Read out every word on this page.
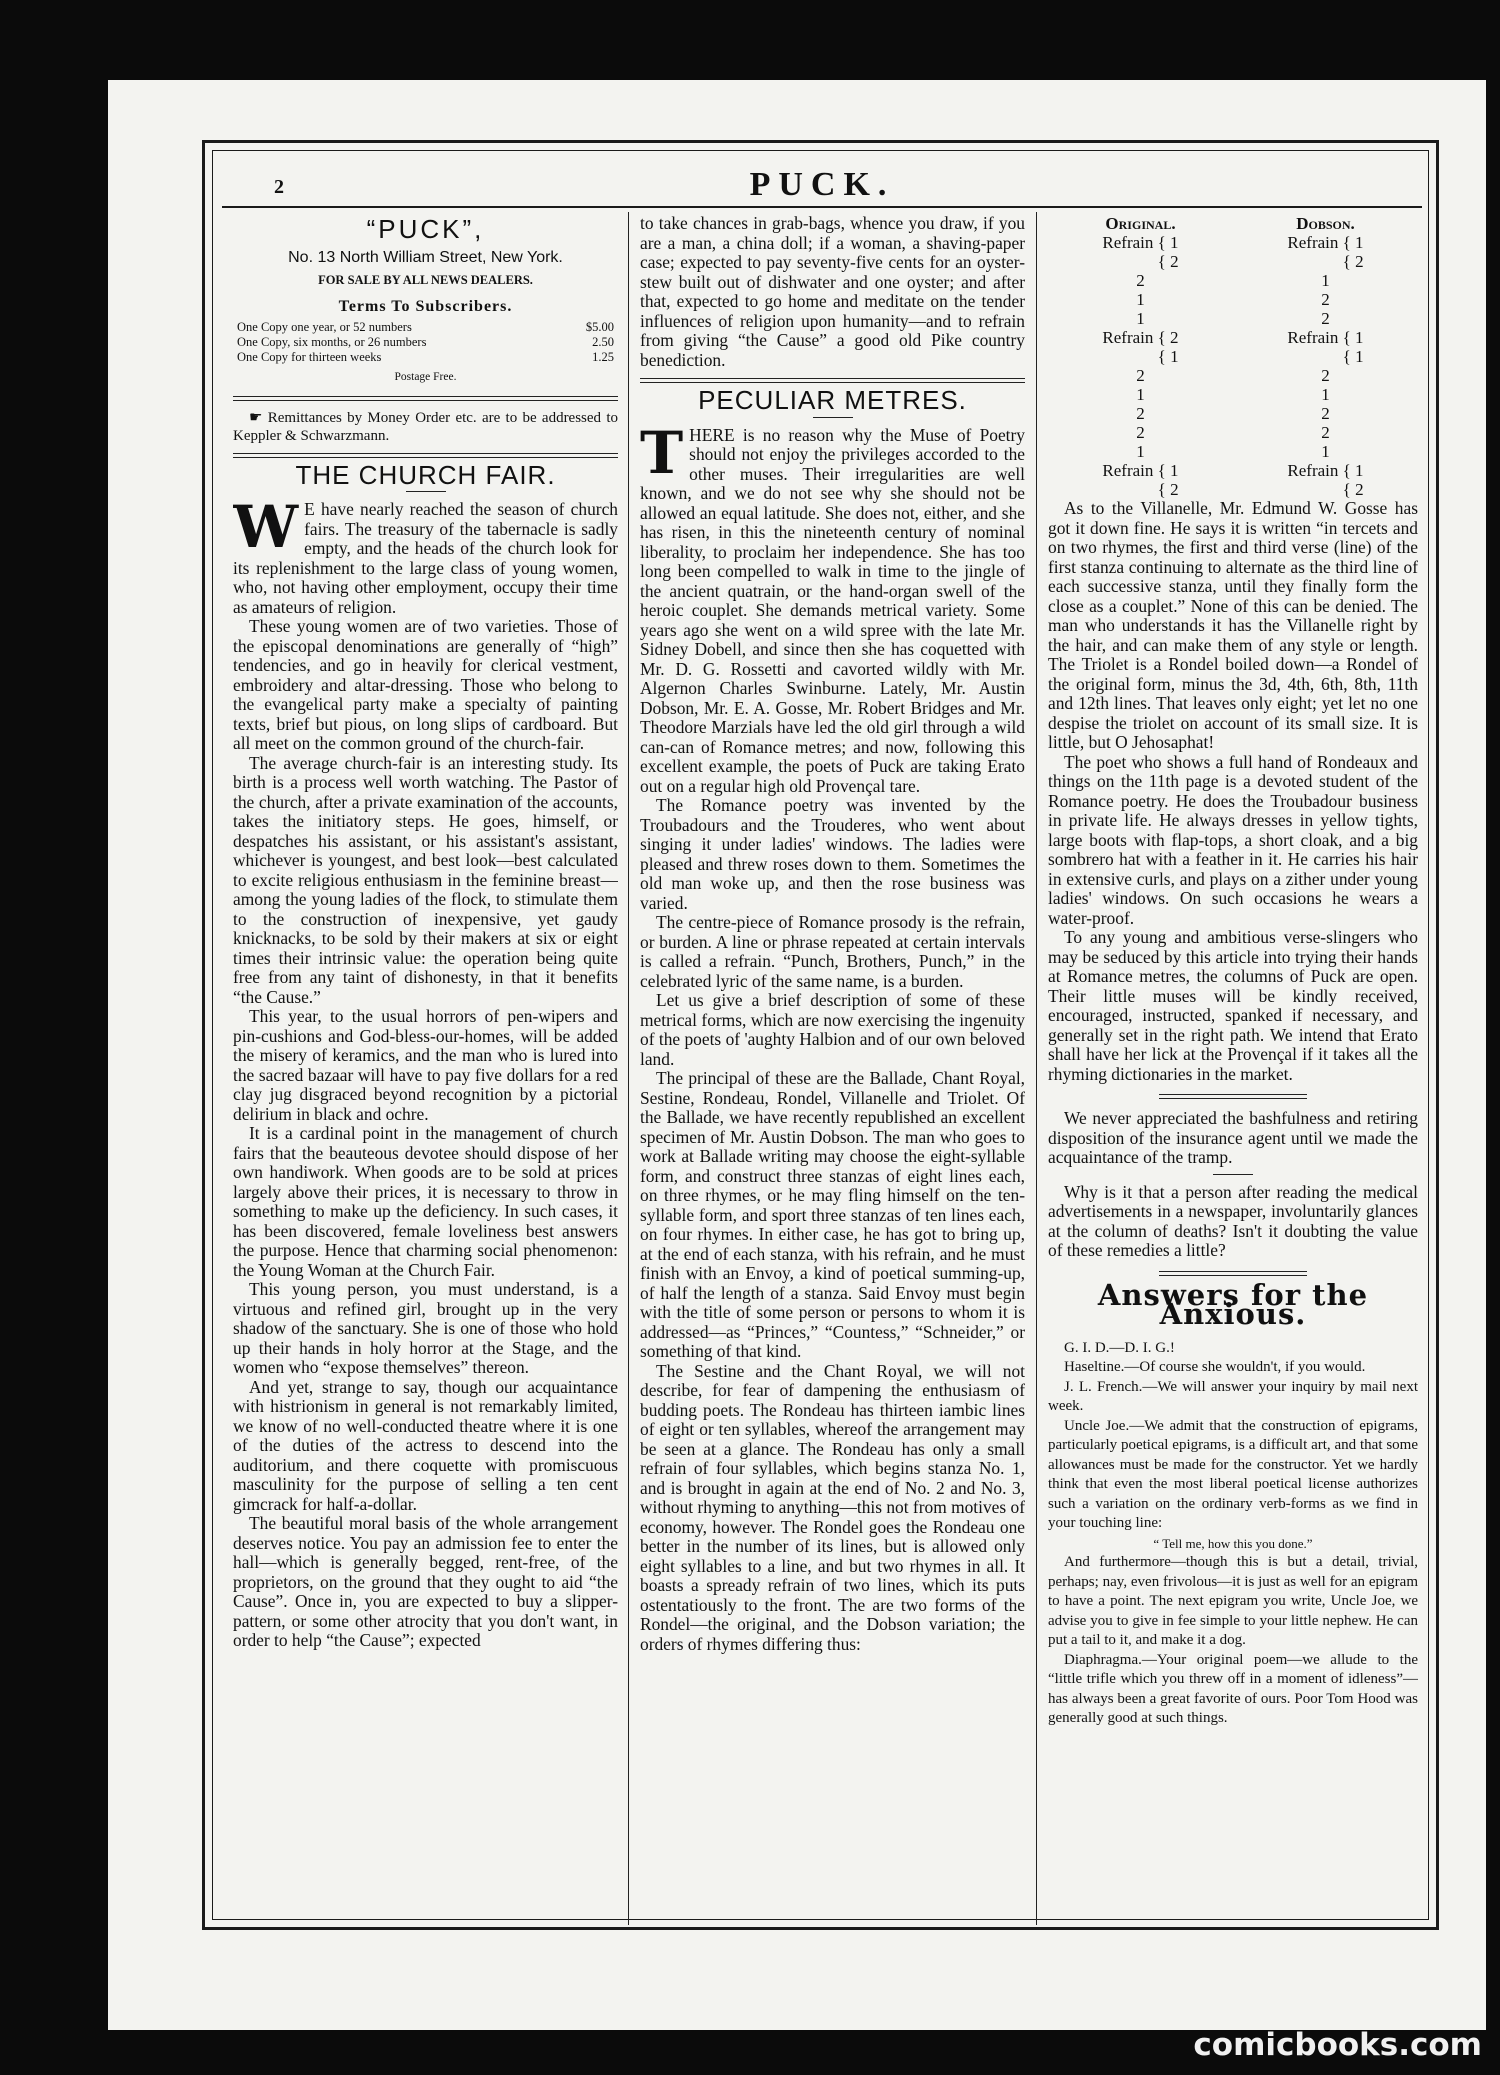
2	PUCK.
“PUCK”,
No. 13 North William Street, New York.
FOR SALE BY ALL NEWS DEALERS.
Terms To Subscribers.
One Copy one year, or 52 numbers	$5.00
One Copy, six months, or 26 numbers	2.50
One Copy for thirteen weeks	1.25
Postage Free.

☛ Remittances by Money Order etc. are to be addressed to Keppler & Schwarzmann.

THE CHURCH FAIR.

W E have nearly reached the season of church fairs. The treasury of the tabernacle is sadly empty, and the heads of the church look for its replenishment to the large class of young women, who, not having other employment, occupy their time as amateurs of religion.

These young women are of two varieties. Those of the episcopal denominations are generally of “high” tendencies, and go in heavily for clerical vestment, embroidery and altar-dressing. Those who belong to the evangelical party make a specialty of painting texts, brief but pious, on long slips of cardboard. But all meet on the common ground of the church-fair.

The average church-fair is an interesting study. Its birth is a process well worth watching. The Pastor of the church, after a private examination of the accounts, takes the initiatory steps. He goes, himself, or despatches his assistant, or his assistant's assistant, whichever is youngest, and best look—best calculated to excite religious enthusiasm in the feminine breast—among the young ladies of the flock, to stimulate them to the construction of inexpensive, yet gaudy knicknacks, to be sold by their makers at six or eight times their intrinsic value: the operation being quite free from any taint of dishonesty, in that it benefits “the Cause.”

This year, to the usual horrors of pen-wipers and pin-cushions and God-bless-our-homes, will be added the misery of keramics, and the man who is lured into the sacred bazaar will have to pay five dollars for a red clay jug disgraced beyond recognition by a pictorial delirium in black and ochre.

It is a cardinal point in the management of church fairs that the beauteous devotee should dispose of her own handiwork. When goods are to be sold at prices largely above their prices, it is necessary to throw in something to make up the deficiency. In such cases, it has been discovered, female loveliness best answers the purpose. Hence that charming social phenomenon: the Young Woman at the Church Fair.

This young person, you must understand, is a virtuous and refined girl, brought up in the very shadow of the sanctuary. She is one of those who hold up their hands in holy horror at the Stage, and the women who “expose themselves” thereon.

And yet, strange to say, though our acquaintance with histrionism in general is not remarkably limited, we know of no well-conducted theatre where it is one of the duties of the actress to descend into the auditorium, and there coquette with promiscuous masculinity for the purpose of selling a ten cent gimcrack for half-a-dollar.

The beautiful moral basis of the whole arrangement deserves notice. You pay an admission fee to enter the hall—which is generally begged, rent-free, of the proprietors, on the ground that they ought to aid “the Cause”. Once in, you are expected to buy a slipper-pattern, or some other atrocity that you don't want, in order to help “the Cause”; expected

to take chances in grab-bags, whence you draw, if you are a man, a china doll; if a woman, a shaving-paper case; expected to pay seventy-five cents for an oyster-stew built out of dishwater and one oyster; and after that, expected to go home and meditate on the tender influences of religion upon humanity—and to refrain from giving “the Cause” a good old Pike country benediction.

PECULIAR METRES.

THERE is no reason why the Muse of Poetry should not enjoy the privileges accorded to the other muses. Their irregularities are well known, and we do not see why she should not be allowed an equal latitude. She does not, either, and she has risen, in this the nineteenth century of nominal liberality, to proclaim her independence. She has too long been compelled to walk in time to the jingle of the ancient quatrain, or the hand-organ swell of the heroic couplet. She demands metrical variety. Some years ago she went on a wild spree with the late Mr. Sidney Dobell, and since then she has coquetted with Mr. D. G. Rossetti and cavorted wildly with Mr. Algernon Charles Swinburne. Lately, Mr. Austin Dobson, Mr. E. A. Gosse, Mr. Robert Bridges and Mr. Theodore Marzials have led the old girl through a wild can-can of Romance metres; and now, following this excellent example, the poets of Puck are taking Erato out on a regular high old Provençal tare.

The Romance poetry was invented by the Troubadours and the Trouderes, who went about singing it under ladies' windows. The ladies were pleased and threw roses down to them. Sometimes the old man woke up, and then the rose business was varied.

The centre-piece of Romance prosody is the refrain, or burden. A line or phrase repeated at certain intervals is called a refrain. “Punch, Brothers, Punch,” in the celebrated lyric of the same name, is a burden.

Let us give a brief description of some of these metrical forms, which are now exercising the ingenuity of the poets of 'aughty Halbion and of our own beloved land.

The principal of these are the Ballade, Chant Royal, Sestine, Rondeau, Rondel, Villanelle and Triolet. Of the Ballade, we have recently republished an excellent specimen of Mr. Austin Dobson. The man who goes to work at Ballade writing may choose the eight-syllable form, and construct three stanzas of eight lines each, on three rhymes, or he may fling himself on the ten-syllable form, and sport three stanzas of ten lines each, on four rhymes. In either case, he has got to bring up, at the end of each stanza, with his refrain, and he must finish with an Envoy, a kind of poetical summing-up, of half the length of a stanza. Said Envoy must begin with the title of some person or persons to whom it is addressed—as “Princes,” “Countess,” “Schneider,” or something of that kind.

The Sestine and the Chant Royal, we will not describe, for fear of dampening the enthusiasm of budding poets. The Rondeau has thirteen iambic lines of eight or ten syllables, whereof the arrangement may be seen at a glance. The Rondeau has only a small refrain of four syllables, which begins stanza No. 1, and is brought in again at the end of No. 2 and No. 3, without rhyming to anything—this not from motives of economy, however. The Rondel goes the Rondeau one better in the number of its lines, but is allowed only eight syllables to a line, and but two rhymes in all. It boasts a spready refrain of two lines, which its puts ostentatiously to the front. The are two forms of the Rondel—the original, and the Dobson variation; the orders of rhymes differing thus:

Original.	Dobson.
Refrain { 1	Refrain { 1
{ 2	{ 2
2	1
1	2
1	2
Refrain { 2	Refrain { 1
{ 1	{ 1
2	2
1	1
2	2
2	2
1	1
Refrain { 1	Refrain { 1
{ 2	{ 2

As to the Villanelle, Mr. Edmund W. Gosse has got it down fine. He says it is written “in tercets and on two rhymes, the first and third verse (line) of the first stanza continuing to alternate as the third line of each successive stanza, until they finally form the close as a couplet.” None of this can be denied. The man who understands it has the Villanelle right by the hair, and can make them of any style or length. The Triolet is a Rondel boiled down—a Rondel of the original form, minus the 3d, 4th, 6th, 8th, 11th and 12th lines. That leaves only eight; yet let no one despise the triolet on account of its small size. It is little, but O Jehosaphat!

The poet who shows a full hand of Rondeaux and things on the 11th page is a devoted student of the Romance poetry. He does the Troubadour business in private life. He always dresses in yellow tights, large boots with flap-tops, a short cloak, and a big sombrero hat with a feather in it. He carries his hair in extensive curls, and plays on a zither under young ladies' windows. On such occasions he wears a water-proof.

To any young and ambitious verse-slingers who may be seduced by this article into trying their hands at Romance metres, the columns of Puck are open. Their little muses will be kindly received, encouraged, instructed, spanked if necessary, and generally set in the right path. We intend that Erato shall have her lick at the Provençal if it takes all the rhyming dictionaries in the market.

We never appreciated the bashfulness and retiring disposition of the insurance agent until we made the acquaintance of the tramp.

Why is it that a person after reading the medical advertisements in a newspaper, involuntarily glances at the column of deaths? Isn't it doubting the value of these remedies a little?

Answers for the Anxious.

G. I. D.—D. I. G.!

Haseltine.—Of course she wouldn't, if you would.

J. L. French.—We will answer your inquiry by mail next week.

Uncle Joe.—We admit that the construction of epigrams, particularly poetical epigrams, is a difficult art, and that some allowances must be made for the constructor. Yet we hardly think that even the most liberal poetical license authorizes such a variation on the ordinary verb-forms as we find in your touching line:

“ Tell me, how this you done.”

And furthermore—though this is but a detail, trivial, perhaps; nay, even frivolous—it is just as well for an epigram to have a point. The next epigram you write, Uncle Joe, we advise you to give in fee simple to your little nephew. He can put a tail to it, and make it a dog.

Diaphragma.—Your original poem—we allude to the “little trifle which you threw off in a moment of idleness”—has always been a great favorite of ours. Poor Tom Hood was generally good at such things.

comicbooks.com
